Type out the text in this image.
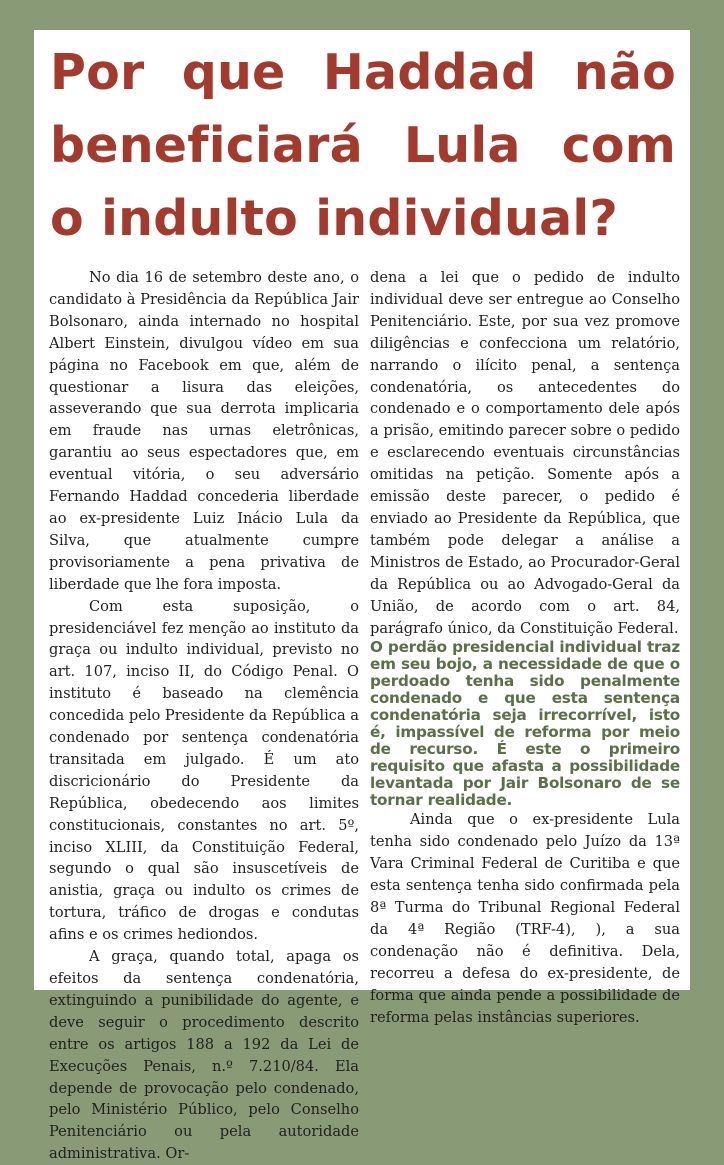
Por que Haddad não beneficiará Lula com o indulto individual?

No dia 16 de setembro deste ano, o candidato à Presidência da República Jair Bolsonaro, ainda internado no hospital Albert Einstein, divulgou vídeo em sua página no Facebook em que, além de questionar a lisura das eleições, asseverando que sua derrota implicaria em fraude nas urnas eletrônicas, garantiu ao seus espectadores que, em eventual vitória, o seu adversário Fernando Haddad concederia liberdade ao ex-presidente Luiz Inácio Lula da Silva, que atualmente cumpre provisoriamente a pena privativa de liberdade que lhe fora imposta.

Com esta suposição, o presidenciável fez menção ao instituto da graça ou indulto individual, previsto no art. 107, inciso II, do Código Penal. O instituto é baseado na clemência concedida pelo Presidente da República a condenado por sentença condenatória transitada em julgado. É um ato discricionário do Presidente da República, obedecendo aos limites constitucionais, constantes no art. 5º, inciso XLIII, da Constituição Federal, segundo o qual são insuscetíveis de anistia, graça ou indulto os crimes de tortura, tráfico de drogas e condutas afins e os crimes hediondos.

A graça, quando total, apaga os efeitos da sentença condenatória, extinguindo a punibilidade do agente, e deve seguir o procedimento descrito entre os artigos 188 a 192 da Lei de Execuções Penais, n.º 7.210/84. Ela depende de provocação pelo condenado, pelo Ministério Público, pelo Conselho Penitenciário ou pela autoridade administrativa. Or-

dena a lei que o pedido de indulto individual deve ser entregue ao Conselho Penitenciário. Este, por sua vez promove diligências e confecciona um relatório, narrando o ilícito penal, a sentença condenatória, os antecedentes do condenado e o comportamento dele após a prisão, emitindo parecer sobre o pedido e esclarecendo eventuais circunstâncias omitidas na petição. Somente após a emissão deste parecer, o pedido é enviado ao Presidente da República, que também pode delegar a análise a Ministros de Estado, ao Procurador-Geral da República ou ao Advogado-Geral da União, de acordo com o art. 84, parágrafo único, da Constituição Federal.

O perdão presidencial individual traz em seu bojo, a necessidade de que o perdoado tenha sido penalmente condenado e que esta sentença condenatória seja irrecorrível, isto é, impassível de reforma por meio de recurso. É este o primeiro requisito que afasta a possibilidade levantada por Jair Bolsonaro de se tornar realidade.

Ainda que o ex-presidente Lula tenha sido condenado pelo Juízo da 13ª Vara Criminal Federal de Curitiba e que esta sentença tenha sido confirmada pela 8ª Turma do Tribunal Regional Federal da 4ª Região (TRF-4), ), a sua condenação não é definitiva. Dela, recorreu a defesa do ex-presidente, de forma que ainda pende a possibilidade de reforma pelas instâncias superiores.
